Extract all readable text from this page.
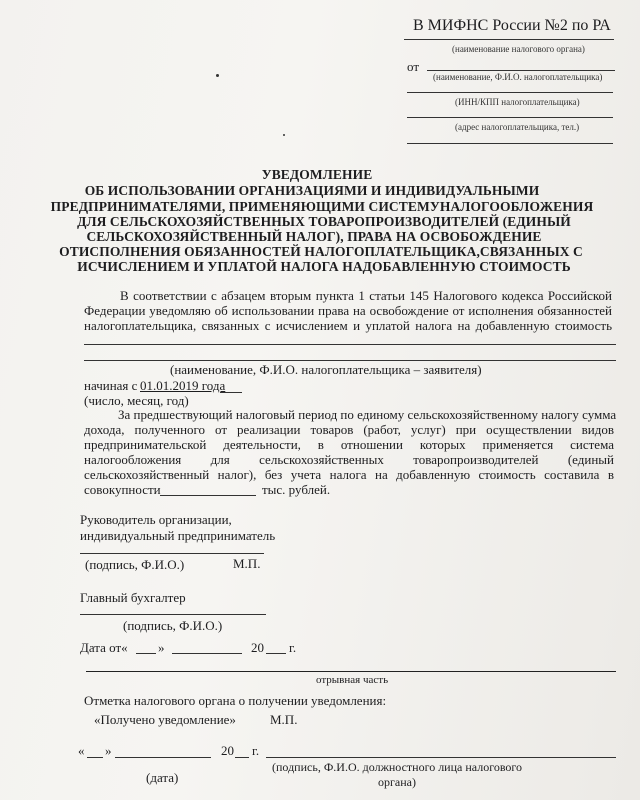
В МИФНС России №2 по РА
(наименование налогового органа)
от
(наименование, Ф.И.О. налогоплательщика)
(ИНН/КПП налогоплательщика)
(адрес налогоплательщика, тел.)
УВЕДОМЛЕНИЕ
ОБ ИСПОЛЬЗОВАНИИ ОРГАНИЗАЦИЯМИ И ИНДИВИДУАЛЬНЫМИ
ПРЕДПРИНИМАТЕЛЯМИ, ПРИМЕНЯЮЩИМИ СИСТЕМУНАЛОГООБЛОЖЕНИЯ
ДЛЯ СЕЛЬСКОХОЗЯЙСТВЕННЫХ ТОВАРОПРОИЗВОДИТЕЛЕЙ (ЕДИНЫЙ
СЕЛЬСКОХОЗЯЙСТВЕННЫЙ НАЛОГ), ПРАВА НА ОСВОБОЖДЕНИЕ
ОТИСПОЛНЕНИЯ ОБЯЗАННОСТЕЙ НАЛОГОПЛАТЕЛЬЩИКА,СВЯЗАННЫХ С
ИСЧИСЛЕНИЕМ И УПЛАТОЙ НАЛОГА НАДОБАВЛЕННУЮ СТОИМОСТЬ
В соответствии с абзацем вторым пункта 1 статьи 145 Налогового кодекса Российской
Федерации уведомляю об использовании права на освобождение от исполнения обязанностей
налогоплательщика, связанных с исчислением и уплатой налога на добавленную стоимость
(наименование, Ф.И.О. налогоплательщика – заявителя)
начиная с 01.01.2019 года
(число, месяц, год)
За предшествующий налоговый период по единому сельскохозяйственному налогу сумма
дохода, полученного от реализации товаров (работ, услуг) при осуществлении видов
предпринимательской деятельности, в отношении которых применяется система
налогообложения для сельскохозяйственных товаропроизводителей (единый
сельскохозяйственный налог), без учета налога на добавленную стоимость составила в
совокупности	тыс. рублей.
Руководитель организации,
индивидуальный предприниматель
(подпись, Ф.И.О.)	М.П.
Главный бухгалтер
(подпись, Ф.И.О.)
Дата от« »	20 г.
отрывная часть
Отметка налогового органа о получении уведомления:
«Получено уведомление»	М.П.
« »	20 г.
(подпись, Ф.И.О. должностного лица налогового
(дата)	органа)
